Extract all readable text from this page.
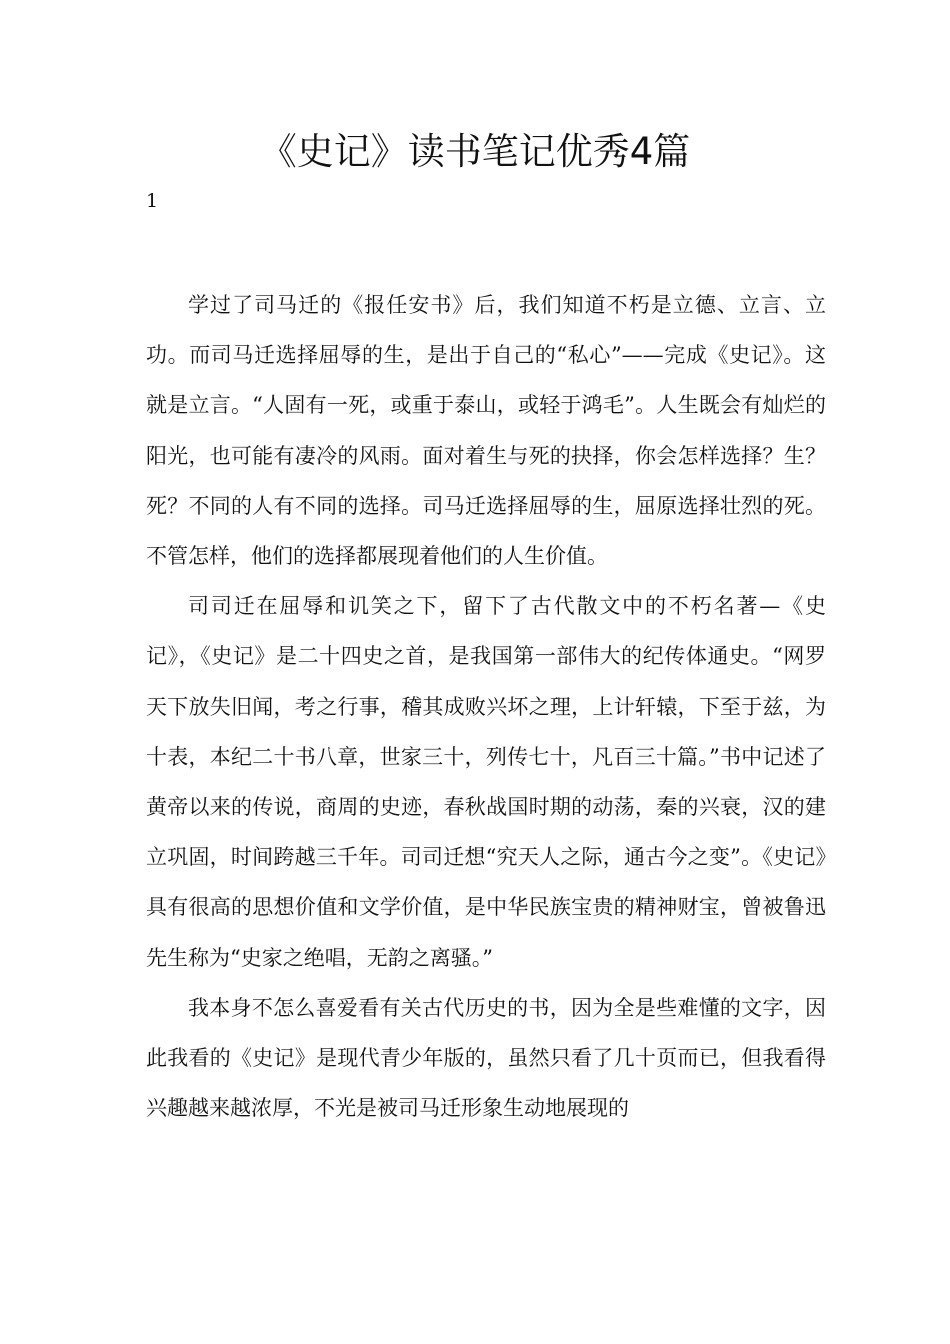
《史记》读书笔记优秀4篇
1

学过了司马迁的《报任安书》后，我们知道不朽是立德、立言、立功。而司马迁选择屈辱的生，是出于自己的“私心”——完成《史记》。这就是立言。“人固有一死，或重于泰山，或轻于鸿毛”。人生既会有灿烂的阳光，也可能有凄冷的风雨。面对着生与死的抉择，你会怎样选择？生？死？不同的人有不同的选择。司马迁选择屈辱的生，屈原选择壮烈的死。不管怎样，他们的选择都展现着他们的人生价值。

司司迁在屈辱和讥笑之下，留下了古代散文中的不朽名著—《史记》，《史记》是二十四史之首，是我国第一部伟大的纪传体通史。“网罗天下放失旧闻，考之行事，稽其成败兴坏之理，上计轩辕，下至于兹，为十表，本纪二十书八章，世家三十，列传七十，凡百三十篇。”书中记述了黄帝以来的传说，商周的史迹，春秋战国时期的动荡，秦的兴衰，汉的建立巩固，时间跨越三千年。司司迁想“究天人之际，通古今之变”。《史记》具有很高的思想价值和文学价值，是中华民族宝贵的精神财宝，曾被鲁迅先生称为“史家之绝唱，无韵之离骚。”

我本身不怎么喜爱看有关古代历史的书，因为全是些难懂的文字，因此我看的《史记》是现代青少年版的，虽然只看了几十页而已，但我看得兴趣越来越浓厚，不光是被司马迁形象生动地展现的
